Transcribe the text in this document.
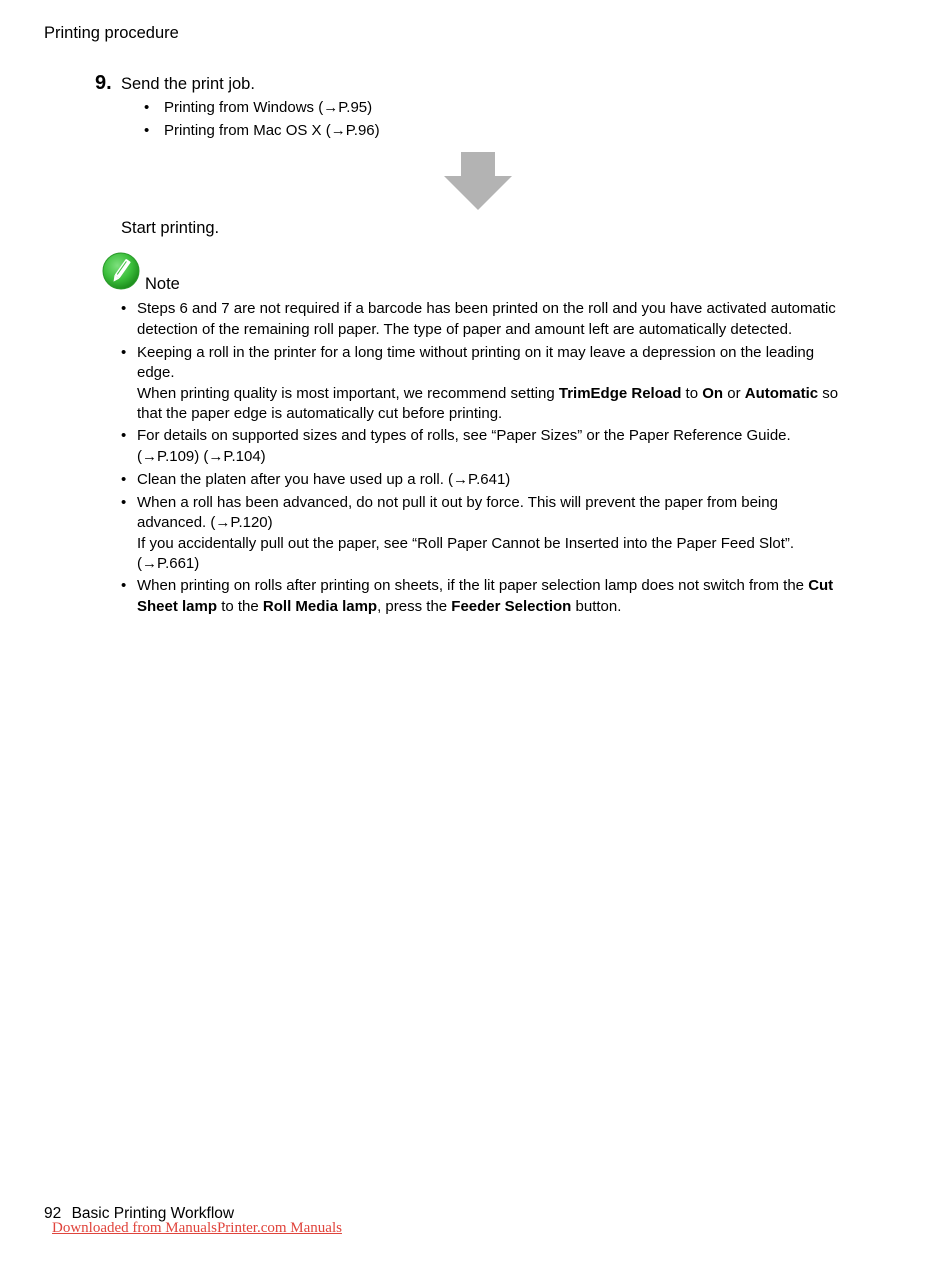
Printing procedure
9. Send the print job.
• Printing from Windows (→P.95)
• Printing from Mac OS X (→P.96)
Start printing.
Note
• Steps 6 and 7 are not required if a barcode has been printed on the roll and you have activated automatic detection of the remaining roll paper. The type of paper and amount left are automatically detected.
• Keeping a roll in the printer for a long time without printing on it may leave a depression on the leading edge.
When printing quality is most important, we recommend setting TrimEdge Reload to On or Automatic so that the paper edge is automatically cut before printing.
• For details on supported sizes and types of rolls, see “Paper Sizes” or the Paper Reference Guide. (→P.109) (→P.104)
• Clean the platen after you have used up a roll. (→P.641)
• When a roll has been advanced, do not pull it out by force. This will prevent the paper from being advanced. (→P.120)
If you accidentally pull out the paper, see “Roll Paper Cannot be Inserted into the Paper Feed Slot”. (→P.661)
• When printing on rolls after printing on sheets, if the lit paper selection lamp does not switch from the Cut Sheet lamp to the Roll Media lamp, press the Feeder Selection button.
92 Basic Printing Workflow
Downloaded from ManualsPrinter.com Manuals
